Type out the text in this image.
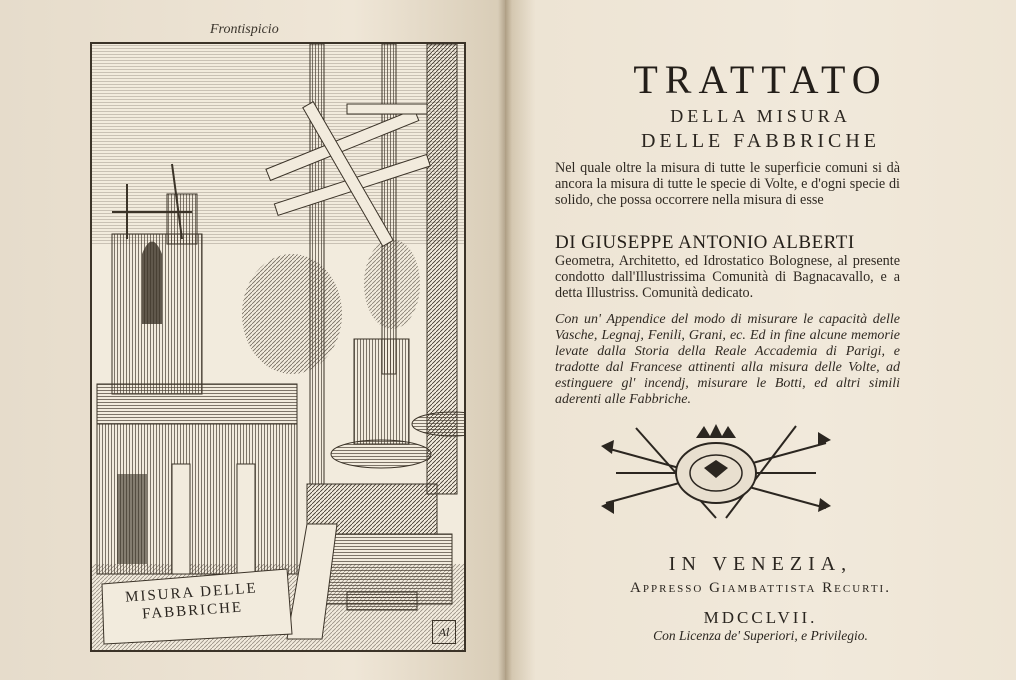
Frontispicio
MISURA DELLE
FABBRICHE
Al
TRATTATO
DELLA MISURA
DELLE FABBRICHE
Nel quale oltre la misura di tutte le superficie comuni si dà ancora la misura di tutte le specie di Volte, e d'ogni specie di solido, che possa occorrere nella misura di esse
DI GIUSEPPE ANTONIO ALBERTI
Geometra, Architetto, ed Idrostatico Bolognese, al presente condotto dall'Illustrissima Comunità di Bagnacavallo, e a detta Illustriss. Comunità dedicato.
Con un' Appendice del modo di misurare le capacità delle Vasche, Legnaj, Fenili, Grani, ec. Ed in fine alcune memorie levate dalla Storia della Reale Accademia di Parigi, e tradotte dal Francese attinenti alla misura delle Volte, ad estinguere gl' incendj, misurare le Botti, ed altri simili aderenti alle Fabbriche.
IN VENEZIA,
Appresso Giambattista Recurti.
MDCCLVII.
Con Licenza de' Superiori, e Privilegio.
